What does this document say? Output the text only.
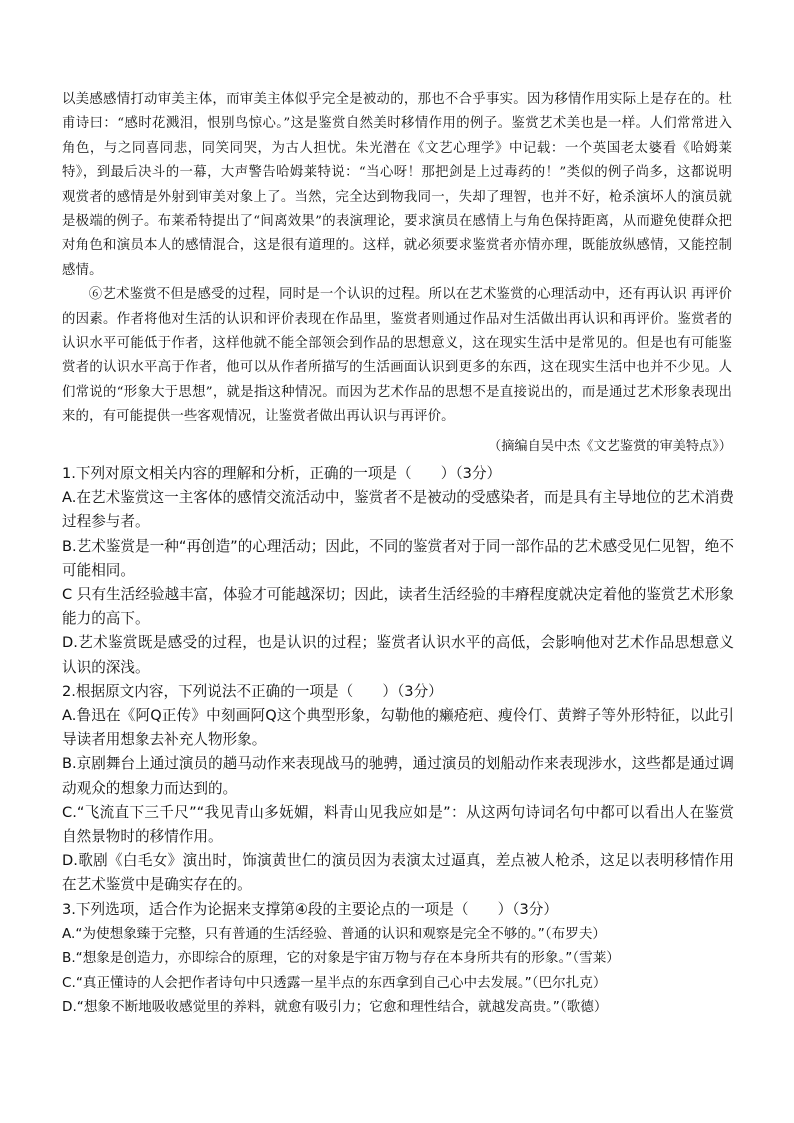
以美感感情打动审美主体，而审美主体似乎完全是被动的，那也不合乎事实。因为移情作用实际上是存在的。杜甫诗曰：“感时花溅泪，恨别鸟惊心。”这是鉴赏自然美时移情作用的例子。鉴赏艺术美也是一样。人们常常进入角色，与之同喜同悲，同笑同哭，为古人担忧。朱光潜在《文艺心理学》中记载：一个英国老太婆看《哈姆莱特》，到最后决斗的一幕，大声警告哈姆莱特说：“当心呀！那把剑是上过毒药的！”类似的例子尚多，这都说明观赏者的感情是外射到审美对象上了。当然，完全达到物我同一，失却了理智，也并不好，枪杀演坏人的演员就是极端的例子。布莱希特提出了“间离效果”的表演理论，要求演员在感情上与角色保持距离，从而避免使群众把对角色和演员本人的感情混合，这是很有道理的。这样，就必须要求鉴赏者亦情亦理，既能放纵感情，又能控制感情。

⑥艺术鉴赏不但是感受的过程，同时是一个认识的过程。所以在艺术鉴赏的心理活动中，还有再认识 再评价的因素。作者将他对生活的认识和评价表现在作品里，鉴赏者则通过作品对生活做出再认识和再评价。鉴赏者的认识水平可能低于作者，这样他就不能全部领会到作品的思想意义，这在现实生活中是常见的。但是也有可能鉴赏者的认识水平高于作者，他可以从作者所描写的生活画面认识到更多的东西，这在现实生活中也并不少见。人们常说的“形象大于思想”，就是指这种情况。而因为艺术作品的思想不是直接说出的，而是通过艺术形象表现出来的，有可能提供一些客观情况，让鉴赏者做出再认识与再评价。

（摘编自吴中杰《文艺鉴赏的审美特点》）

1.下列对原文相关内容的理解和分析，正确的一项是（　　）（3分）

A.在艺术鉴赏这一主客体的感情交流活动中，鉴赏者不是被动的受感染者，而是具有主导地位的艺术消费过程参与者。

B.艺术鉴赏是一种“再创造”的心理活动；因此，不同的鉴赏者对于同一部作品的艺术感受见仁见智，绝不可能相同。

C 只有生活经验越丰富，体验才可能越深切；因此，读者生活经验的丰瘠程度就决定着他的鉴赏艺术形象能力的高下。

D.艺术鉴赏既是感受的过程，也是认识的过程；鉴赏者认识水平的高低，会影响他对艺术作品思想意义认识的深浅。

2.根据原文内容，下列说法不正确的一项是（　　）（3分）

A.鲁迅在《阿Q正传》中刻画阿Q这个典型形象，勾勒他的癞疮疤、瘦伶仃、黄辫子等外形特征，以此引导读者用想象去补充人物形象。

B.京剧舞台上通过演员的趟马动作来表现战马的驰骋，通过演员的划船动作来表现涉水，这些都是通过调动观众的想象力而达到的。

C.“飞流直下三千尺”“我见青山多妩媚，料青山见我应如是”：从这两句诗词名句中都可以看出人在鉴赏自然景物时的移情作用。

D.歌剧《白毛女》演出时，饰演黄世仁的演员因为表演太过逼真，差点被人枪杀，这足以表明移情作用在艺术鉴赏中是确实存在的。

3.下列选项，适合作为论据来支撑第④段的主要论点的一项是（　　）（3分）

A.“为使想象臻于完整，只有普通的生活经验、普通的认识和观察是完全不够的。”（布罗夫）

B.“想象是创造力，亦即综合的原理，它的对象是宇宙万物与存在本身所共有的形象。”（雪莱）

C.“真正懂诗的人会把作者诗句中只透露一星半点的东西拿到自己心中去发展。”（巴尔扎克）

D.“想象不断地吸收感觉里的养料，就愈有吸引力；它愈和理性结合，就越发高贵。”（歌德）
